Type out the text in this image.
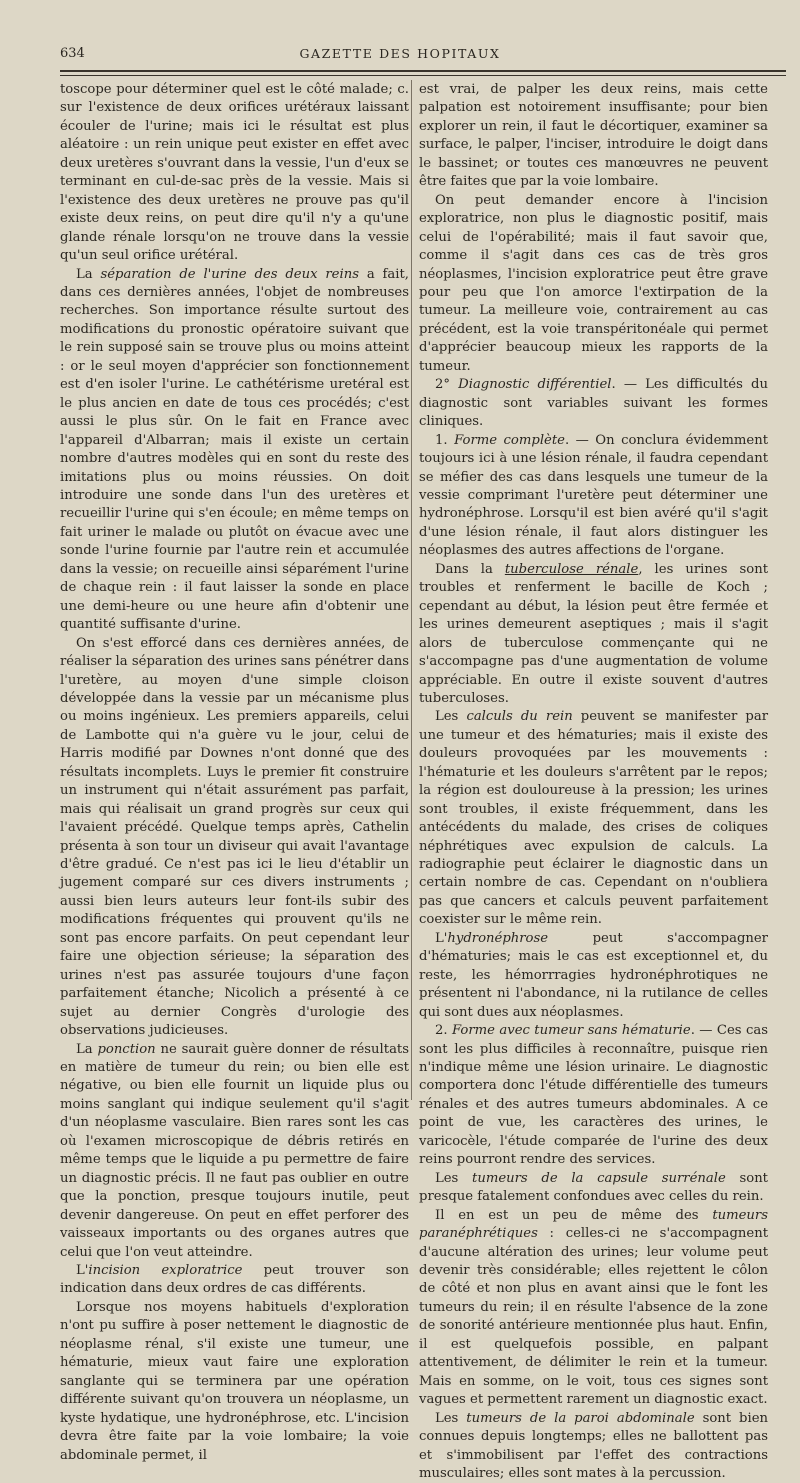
634	GAZETTE DES HOPITAUX

toscope pour déterminer quel est le côté malade; c. sur l'existence de deux orifices urétéraux laissant écouler de l'urine; mais ici le résultat est plus aléatoire : un rein unique peut exister en effet avec deux uretères s'ouvrant dans la vessie, l'un d'eux se terminant en cul-de-sac près de la vessie. Mais si l'existence des deux uretères ne prouve pas qu'il existe deux reins, on peut dire qu'il n'y a qu'une glande rénale lorsqu'on ne trouve dans la vessie qu'un seul orifice urétéral.

La séparation de l'urine des deux reins a fait, dans ces dernières années, l'objet de nombreuses recherches. Son importance résulte surtout des modifications du pronostic opératoire suivant que le rein supposé sain se trouve plus ou moins atteint : or le seul moyen d'apprécier son fonctionnement est d'en isoler l'urine. Le cathétérisme uretéral est le plus ancien en date de tous ces procédés; c'est aussi le plus sûr. On le fait en France avec l'appareil d'Albarran; mais il existe un certain nombre d'autres modèles qui en sont du reste des imitations plus ou moins réussies. On doit introduire une sonde dans l'un des uretères et recueillir l'urine qui s'en écoule; en même temps on fait uriner le malade ou plutôt on évacue avec une sonde l'urine fournie par l'autre rein et accumulée dans la vessie; on recueille ainsi séparément l'urine de chaque rein : il faut laisser la sonde en place une demi-heure ou une heure afin d'obtenir une quantité suffisante d'urine.

On s'est efforcé dans ces dernières années, de réaliser la séparation des urines sans pénétrer dans l'uretère, au moyen d'une simple cloison développée dans la vessie par un mécanisme plus ou moins ingénieux. Les premiers appareils, celui de Lambotte qui n'a guère vu le jour, celui de Harris modifié par Downes n'ont donné que des résultats incomplets. Luys le premier fit construire un instrument qui n'était assurément pas parfait, mais qui réalisait un grand progrès sur ceux qui l'avaient précédé. Quelque temps après, Cathelin présenta à son tour un diviseur qui avait l'avantage d'être gradué. Ce n'est pas ici le lieu d'établir un jugement comparé sur ces divers instruments ; aussi bien leurs auteurs leur font-ils subir des modifications fréquentes qui prouvent qu'ils ne sont pas encore parfaits. On peut cependant leur faire une objection sérieuse; la séparation des urines n'est pas assurée toujours d'une façon parfaitement étanche; Nicolich a présenté à ce sujet au dernier Congrès d'urologie des observations judicieuses.

La ponction ne saurait guère donner de résultats en matière de tumeur du rein; ou bien elle est négative, ou bien elle fournit un liquide plus ou moins sanglant qui indique seulement qu'il s'agit d'un néoplasme vasculaire. Bien rares sont les cas où l'examen microscopique de débris retirés en même temps que le liquide a pu permettre de faire un diagnostic précis. Il ne faut pas oublier en outre que la ponction, presque toujours inutile, peut devenir dangereuse. On peut en effet perforer des vaisseaux importants ou des organes autres que celui que l'on veut atteindre.

L'incision exploratrice peut trouver son indication dans deux ordres de cas différents.

Lorsque nos moyens habituels d'exploration n'ont pu suffire à poser nettement le diagnostic de néoplasme rénal, s'il existe une tumeur, une hématurie, mieux vaut faire une exploration sanglante qui se terminera par une opération différente suivant qu'on trouvera un néoplasme, un kyste hydatique, une hydronéphrose, etc. L'incision devra être faite par la voie lombaire; la voie abdominale permet, il

est vrai, de palper les deux reins, mais cette palpation est notoirement insuffisante; pour bien explorer un rein, il faut le décortiquer, examiner sa surface, le palper, l'inciser, introduire le doigt dans le bassinet; or toutes ces manœuvres ne peuvent être faites que par la voie lombaire.

On peut demander encore à l'incision exploratrice, non plus le diagnostic positif, mais celui de l'opérabilité; mais il faut savoir que, comme il s'agit dans ces cas de très gros néoplasmes, l'incision exploratrice peut être grave pour peu que l'on amorce l'extirpation de la tumeur. La meilleure voie, contrairement au cas précédent, est la voie transpéritonéale qui permet d'apprécier beaucoup mieux les rapports de la tumeur.

2° Diagnostic différentiel. — Les difficultés du diagnostic sont variables suivant les formes cliniques.

1. Forme complète. — On conclura évidemment toujours ici à une lésion rénale, il faudra cependant se méfier des cas dans lesquels une tumeur de la vessie comprimant l'uretère peut déterminer une hydronéphrose. Lorsqu'il est bien avéré qu'il s'agit d'une lésion rénale, il faut alors distinguer les néoplasmes des autres affections de l'organe.

Dans la tuberculose rénale, les urines sont troubles et renferment le bacille de Koch ; cependant au début, la lésion peut être fermée et les urines demeurent aseptiques ; mais il s'agit alors de tuberculose commençante qui ne s'accompagne pas d'une augmentation de volume appréciable. En outre il existe souvent d'autres tuberculoses.

Les calculs du rein peuvent se manifester par une tumeur et des hématuries; mais il existe des douleurs provoquées par les mouvements : l'hématurie et les douleurs s'arrêtent par le repos; la région est douloureuse à la pression; les urines sont troubles, il existe fréquemment, dans les antécédents du malade, des crises de coliques néphrétiques avec expulsion de calculs. La radiographie peut éclairer le diagnostic dans un certain nombre de cas. Cependant on n'oubliera pas que cancers et calculs peuvent parfaitement coexister sur le même rein.

L'hydronéphrose peut s'accompagner d'hématuries; mais le cas est exceptionnel et, du reste, les hémorrragies hydronéphrotiques ne présentent ni l'abondance, ni la rutilance de celles qui sont dues aux néoplasmes.

2. Forme avec tumeur sans hématurie. — Ces cas sont les plus difficiles à reconnaître, puisque rien n'indique même une lésion urinaire. Le diagnostic comportera donc l'étude différentielle des tumeurs rénales et des autres tumeurs abdominales. A ce point de vue, les caractères des urines, le varicocèle, l'étude comparée de l'urine des deux reins pourront rendre des services.

Les tumeurs de la capsule surrénale sont presque fatalement confondues avec celles du rein.

Il en est un peu de même des tumeurs paranéphrétiques : celles-ci ne s'accompagnent d'aucune altération des urines; leur volume peut devenir très considérable; elles rejettent le côlon de côté et non plus en avant ainsi que le font les tumeurs du rein; il en résulte l'absence de la zone de sonorité antérieure mentionnée plus haut. Enfin, il est quelquefois possible, en palpant attentivement, de délimiter le rein et la tumeur. Mais en somme, on le voit, tous ces signes sont vagues et permettent rarement un diagnostic exact.

Les tumeurs de la paroi abdominale sont bien connues depuis longtemps; elles ne ballottent pas et s'immobilisent par l'effet des contractions musculaires; elles sont mates à la percussion.
